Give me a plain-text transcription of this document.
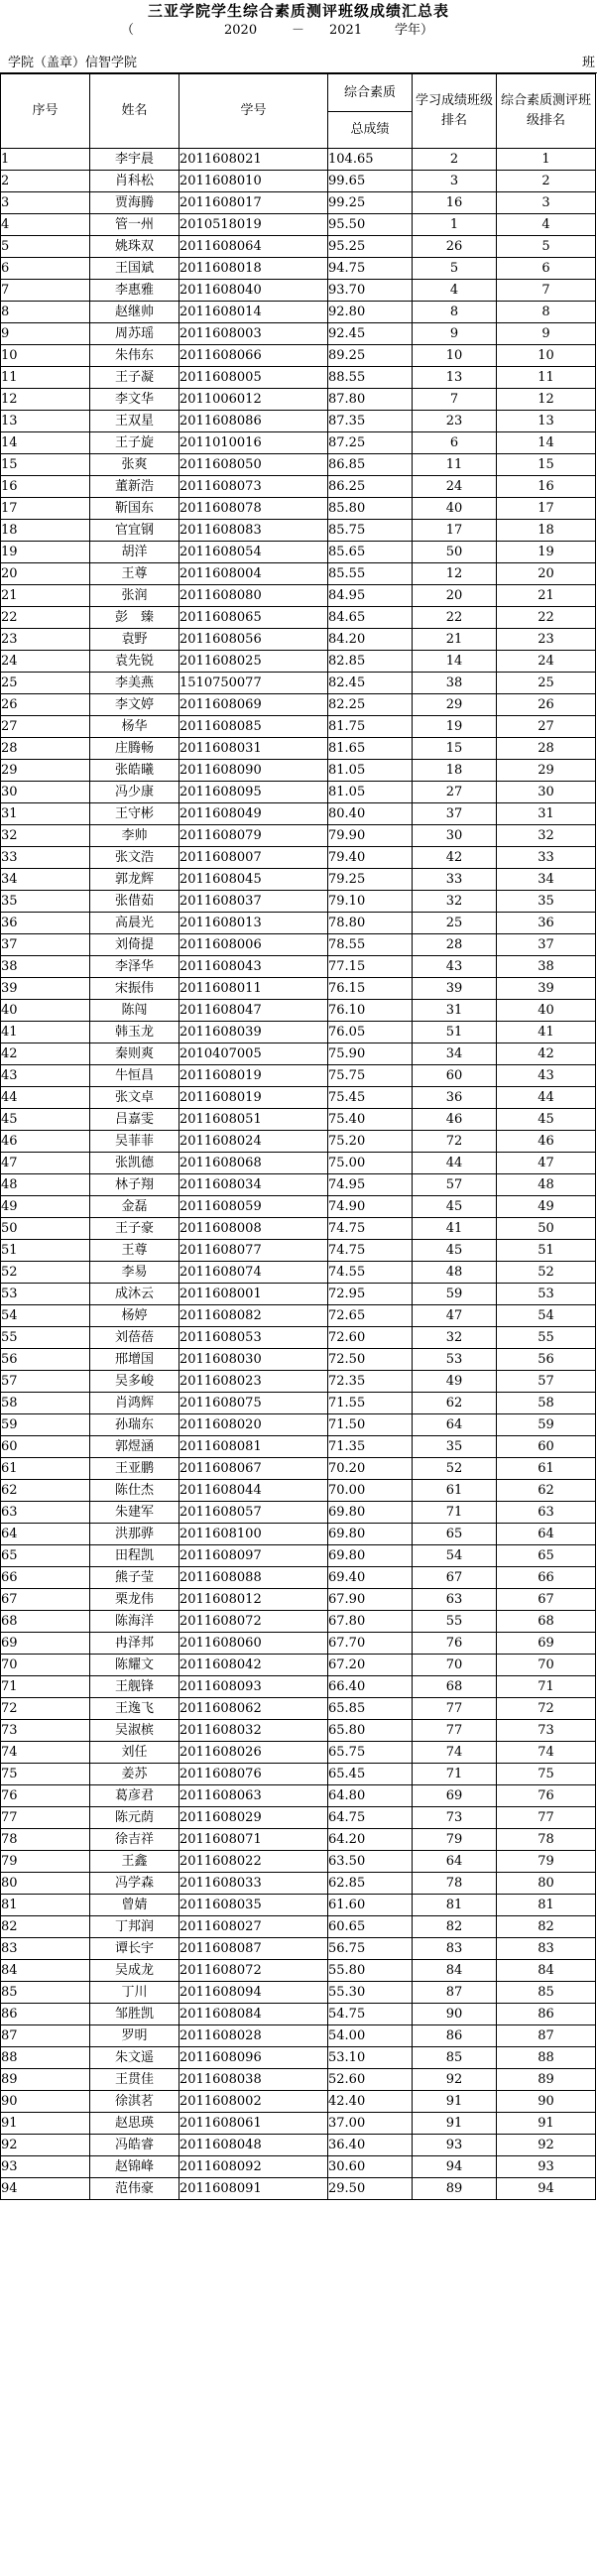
三亚学院学生综合素质测评班级成绩汇总表
（	2020	－ 2021	学年）
学院（盖章）信智学院	班
序号	姓名	学号	综合素质
总成绩	学习成绩班级排名	综合素质测评班级排名
1	李宇晨	2011608021	104.65	2	1
2	肖科松	2011608010	99.65	3	2
3	贾海腾	2011608017	99.25	16	3
4	管一州	2010518019	95.50	1	4
5	姚珠双	2011608064	95.25	26	5
6	王国斌	2011608018	94.75	5	6
7	李惠雅	2011608040	93.70	4	7
8	赵继帅	2011608014	92.80	8	8
9	周苏瑶	2011608003	92.45	9	9
10	朱伟东	2011608066	89.25	10	10
11	王子凝	2011608005	88.55	13	11
12	李文华	2011006012	87.80	7	12
13	王双星	2011608086	87.35	23	13
14	王子旋	2011010016	87.25	6	14
15	张爽	2011608050	86.85	11	15
16	董新浩	2011608073	86.25	24	16
17	靳国东	2011608078	85.80	40	17
18	官宜钢	2011608083	85.75	17	18
19	胡洋	2011608054	85.65	50	19
20	王尊	2011608004	85.55	12	20
21	张润	2011608080	84.95	20	21
22	彭　臻	2011608065	84.65	22	22
23	袁野	2011608056	84.20	21	23
24	袁先锐	2011608025	82.85	14	24
25	李美燕	1510750077	82.45	38	25
26	李文婷	2011608069	82.25	29	26
27	杨华	2011608085	81.75	19	27
28	庄腾畅	2011608031	81.65	15	28
29	张皓曦	2011608090	81.05	18	29
30	冯少康	2011608095	81.05	27	30
31	王守彬	2011608049	80.40	37	31
32	李帅	2011608079	79.90	30	32
33	张文浩	2011608007	79.40	42	33
34	郭龙辉	2011608045	79.25	33	34
35	张借茹	2011608037	79.10	32	35
36	高晨光	2011608013	78.80	25	36
37	刘倚提	2011608006	78.55	28	37
38	李泽华	2011608043	77.15	43	38
39	宋振伟	2011608011	76.15	39	39
40	陈闯	2011608047	76.10	31	40
41	韩玉龙	2011608039	76.05	51	41
42	秦则爽	2010407005	75.90	34	42
43	牛恒昌	2011608019	75.75	60	43
44	张文卓	2011608019	75.45	36	44
45	吕嘉雯	2011608051	75.40	46	45
46	吴菲菲	2011608024	75.20	72	46
47	张凯德	2011608068	75.00	44	47
48	林子翔	2011608034	74.95	57	48
49	金磊	2011608059	74.90	45	49
50	王子豪	2011608008	74.75	41	50
51	王尊	2011608077	74.75	45	51
52	李易	2011608074	74.55	48	52
53	成沐云	2011608001	72.95	59	53
54	杨婷	2011608082	72.65	47	54
55	刘蓓蓓	2011608053	72.60	32	55
56	邢增国	2011608030	72.50	53	56
57	吴多峻	2011608023	72.35	49	57
58	肖鸿辉	2011608075	71.55	62	58
59	孙瑞东	2011608020	71.50	64	59
60	郭煜涵	2011608081	71.35	35	60
61	王亚鹏	2011608067	70.20	52	61
62	陈仕杰	2011608044	70.00	61	62
63	朱建军	2011608057	69.80	71	63
64	洪那骅	2011608100	69.80	65	64
65	田程凯	2011608097	69.80	54	65
66	熊子莹	2011608088	69.40	67	66
67	栗龙伟	2011608012	67.90	63	67
68	陈海洋	2011608072	67.80	55	68
69	冉泽邦	2011608060	67.70	76	69
70	陈耀文	2011608042	67.20	70	70
71	王舰锋	2011608093	66.40	68	71
72	王逸飞	2011608062	65.85	77	72
73	吴淑槟	2011608032	65.80	77	73
74	刘任	2011608026	65.75	74	74
75	姜苏	2011608076	65.45	71	75
76	葛彦君	2011608063	64.80	69	76
77	陈元荫	2011608029	64.75	73	77
78	徐吉祥	2011608071	64.20	79	78
79	王鑫	2011608022	63.50	64	79
80	冯学森	2011608033	62.85	78	80
81	曾婧	2011608035	61.60	81	81
82	丁邦润	2011608027	60.65	82	82
83	谭长宇	2011608087	56.75	83	83
84	吴成龙	2011608072	55.80	84	84
85	丁川	2011608094	55.30	87	85
86	邹胜凯	2011608084	54.75	90	86
87	罗明	2011608028	54.00	86	87
88	朱文遥	2011608096	53.10	85	88
89	王贯佳	2011608038	52.60	92	89
90	徐淇茗	2011608002	42.40	91	90
91	赵思瑛	2011608061	37.00	91	91
92	冯皓睿	2011608048	36.40	93	92
93	赵锦峰	2011608092	30.60	94	93
94	范伟豪	2011608091	29.50	89	94
